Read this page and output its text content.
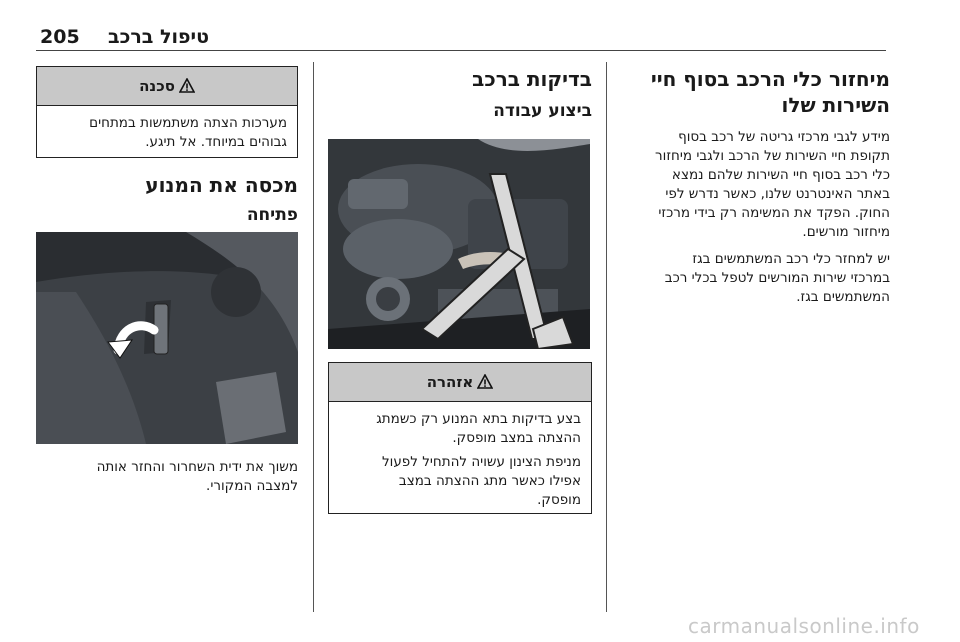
205 טיפול ברכב
מיחזור כלי הרכב בסוף חיי
השירות שלו

מידע לגבי מרכזי גריטה של רכב בסוף

תקופת חיי השירות של הרכב ולגבי מיחזור

כלי רכב בסוף חיי השירות שלהם נמצא

באתר האינטרנט שלנו, כאשר נדרש לפי

החוק. הפקד את המשימה רק בידי מרכזי

מיחזור מורשים.

יש למחזר כלי רכב המשתמשים בגז

במרכזי שירות המורשים לטפל בכלי רכב

המשתמשים בגז.

בדיקות ברכב
ביצוע עבודה
אזהרה

בצע בדיקות בתא המנוע רק כשמתג

ההצתה במצב מופסק.

מניפת הצינון עשויה להתחיל לפעול

אפילו כאשר מתג ההצתה במצב

מופסק.

סכנה

מערכות הצתה משתמשות במתחים

גבוהים במיוחד. אל תיגע.

מכסה את המנוע
פתיחה

משוך את ידית השחרור והחזר אותה

למצבה המקורי.

carmanualsonline.info
